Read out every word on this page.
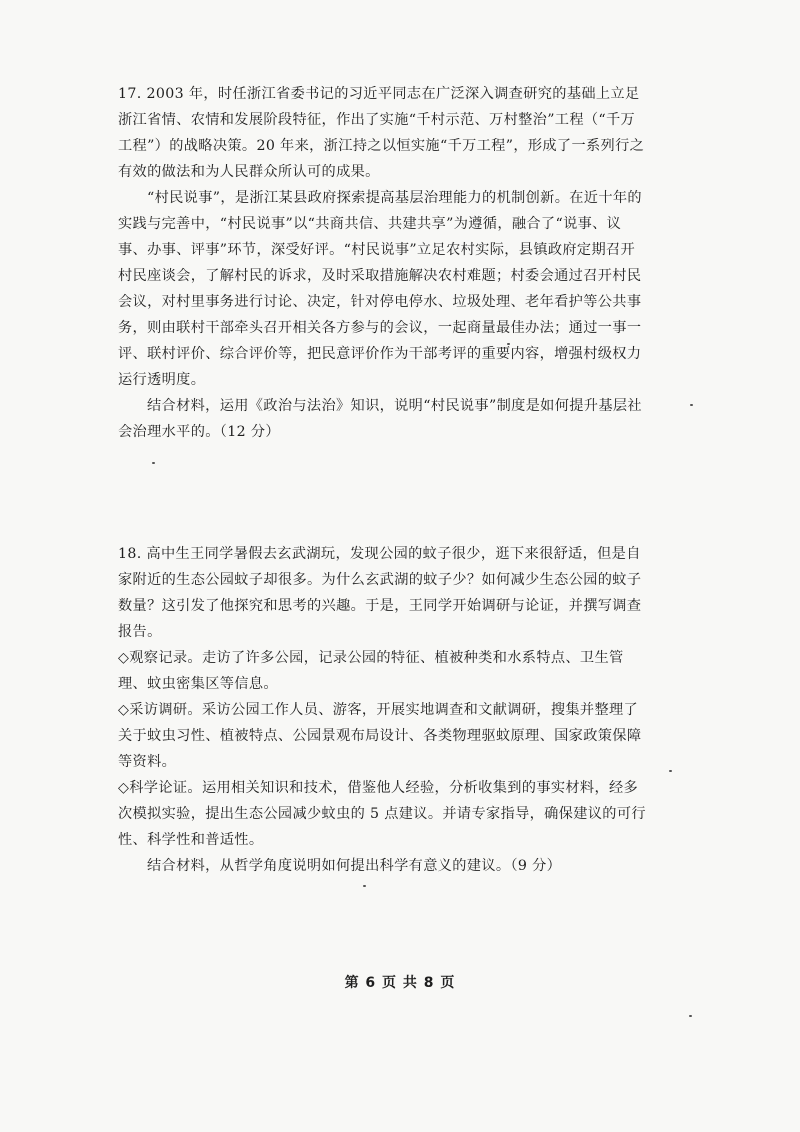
17. 2003 年，时任浙江省委书记的习近平同志在广泛深入调查研究的基础上立足浙江省情、农情和发展阶段特征，作出了实施“千村示范、万村整治”工程（“千万工程”）的战略决策。20 年来，浙江持之以恒实施“千万工程”，形成了一系列行之有效的做法和为人民群众所认可的成果。

“村民说事”，是浙江某县政府探索提高基层治理能力的机制创新。在近十年的实践与完善中，“村民说事”以“共商共信、共建共享”为遵循，融合了“说事、议事、办事、评事”环节，深受好评。“村民说事”立足农村实际，县镇政府定期召开村民座谈会，了解村民的诉求，及时采取措施解决农村难题；村委会通过召开村民会议，对村里事务进行讨论、决定，针对停电停水、垃圾处理、老年看护等公共事务，则由联村干部牵头召开相关各方参与的会议，一起商量最佳办法；通过一事一评、联村评价、综合评价等，把民意评价作为干部考评的重要内容，增强村级权力运行透明度。

结合材料，运用《政治与法治》知识，说明“村民说事”制度是如何提升基层社会治理水平的。（12 分）

18. 高中生王同学暑假去玄武湖玩，发现公园的蚊子很少，逛下来很舒适，但是自家附近的生态公园蚊子却很多。为什么玄武湖的蚊子少？如何减少生态公园的蚊子数量？这引发了他探究和思考的兴趣。于是，王同学开始调研与论证，并撰写调查报告。

◇观察记录。走访了许多公园，记录公园的特征、植被种类和水系特点、卫生管理、蚊虫密集区等信息。

◇采访调研。采访公园工作人员、游客，开展实地调查和文献调研，搜集并整理了关于蚊虫习性、植被特点、公园景观布局设计、各类物理驱蚊原理、国家政策保障等资料。

◇科学论证。运用相关知识和技术，借鉴他人经验，分析收集到的事实材料，经多次模拟实验，提出生态公园减少蚊虫的 5 点建议。并请专家指导，确保建议的可行性、科学性和普适性。

结合材料，从哲学角度说明如何提出科学有意义的建议。（9 分）

第 6 页 共 8 页
